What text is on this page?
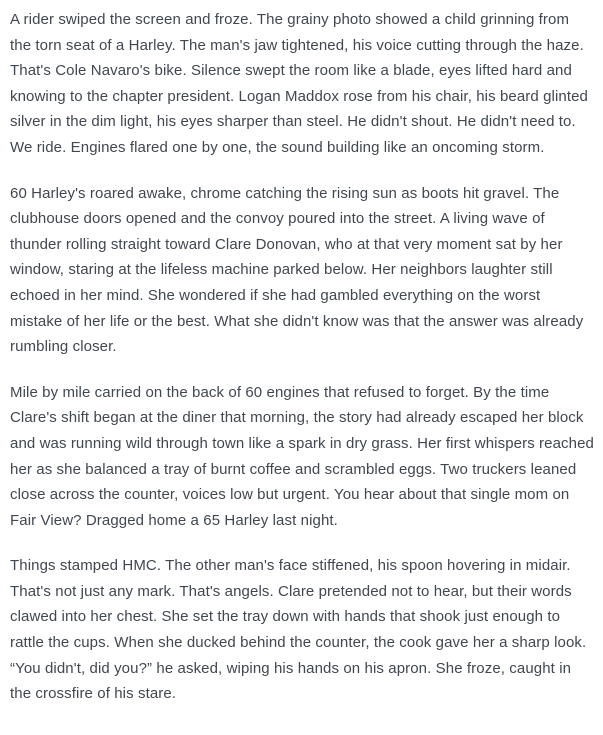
A rider swiped the screen and froze. The grainy photo showed a child grinning from the torn seat of a Harley. The man's jaw tightened, his voice cutting through the haze. That's Cole Navaro's bike. Silence swept the room like a blade, eyes lifted hard and knowing to the chapter president. Logan Maddox rose from his chair, his beard glinted silver in the dim light, his eyes sharper than steel. He didn't shout. He didn't need to. We ride. Engines flared one by one, the sound building like an oncoming storm.

60 Harley's roared awake, chrome catching the rising sun as boots hit gravel. The clubhouse doors opened and the convoy poured into the street. A living wave of thunder rolling straight toward Clare Donovan, who at that very moment sat by her window, staring at the lifeless machine parked below. Her neighbors laughter still echoed in her mind. She wondered if she had gambled everything on the worst mistake of her life or the best. What she didn't know was that the answer was already rumbling closer.

Mile by mile carried on the back of 60 engines that refused to forget. By the time Clare's shift began at the diner that morning, the story had already escaped her block and was running wild through town like a spark in dry grass. Her first whispers reached her as she balanced a tray of burnt coffee and scrambled eggs. Two truckers leaned close across the counter, voices low but urgent. You hear about that single mom on Fair View? Dragged home a 65 Harley last night.

Things stamped HMC. The other man's face stiffened, his spoon hovering in midair. That's not just any mark. That's angels. Clare pretended not to hear, but their words clawed into her chest. She set the tray down with hands that shook just enough to rattle the cups. When she ducked behind the counter, the cook gave her a sharp look. “You didn't, did you?” he asked, wiping his hands on his apron. She froze, caught in the crossfire of his stare.
